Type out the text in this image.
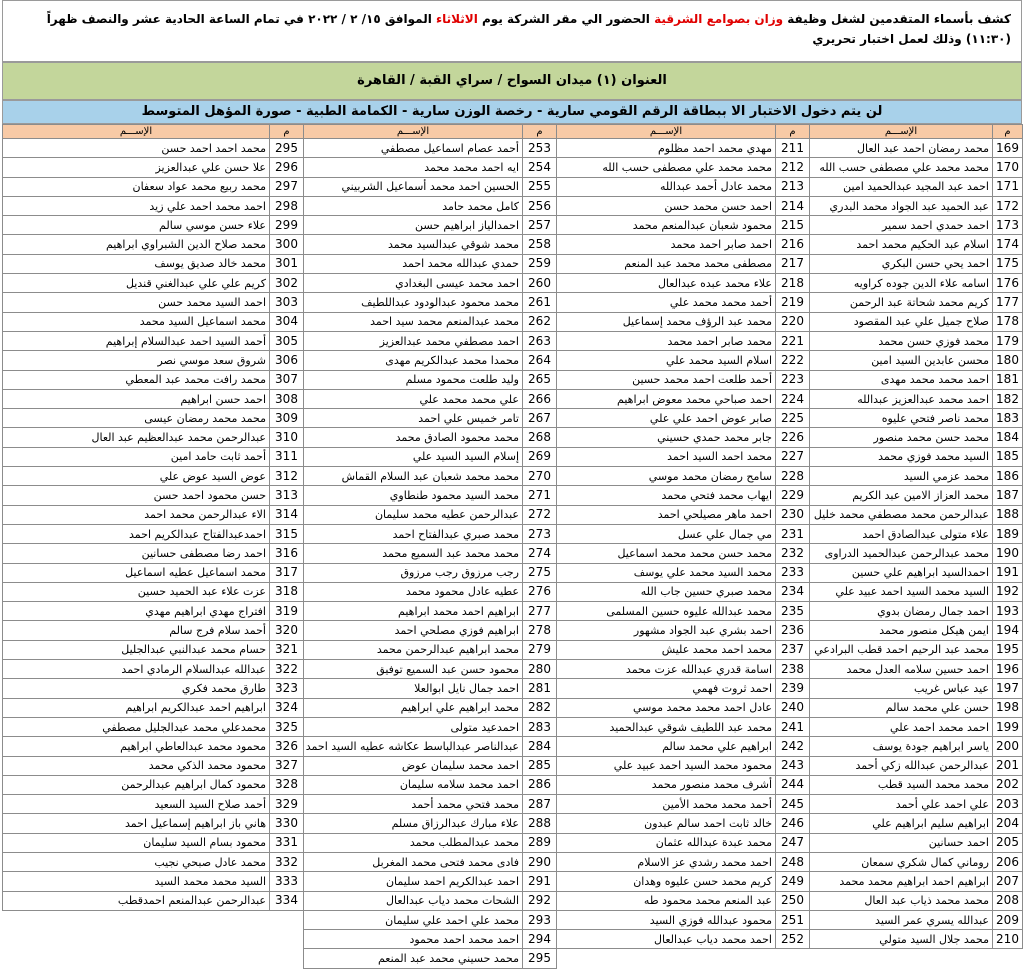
كشف بأسماء المتقدمين لشغل وظيفة وزان بصوامع الشرقية الحضور الي مقر الشركة يوم الاثلاثاء الموافق ١٥/ ٢ / ٢٠٢٢ في تمام الساعة الحادية عشر والنصف ظهراً (١١:٣٠) وذلك لعمل اختبار تحريري
العنوان (١) ميدان السواح / سراي القبة / القاهرة
لن يتم دخول الاختبار الا ببطاقة الرقم القومي سارية - رخصة الوزن سارية - الكمامة الطبية - صورة المؤهل المتوسط
م	الإســـم	م	الإســـم	م	الإســـم	م	الإســـم
169	محمد رمضان احمد عبد العال	211	مهدي محمد احمد مظلوم	253	أحمد عصام اسماعيل مصطفي	295	محمد احمد احمد حسن
170	محمد محمد علي مصطفى حسب الله	212	محمد محمد علي مصطفى حسب الله	254	ايه احمد محمد محمد	296	علا حسن علي عبدالعزيز
171	احمد عبد المجيد عبدالحميد امين	213	محمد عادل أحمد عبدالله	255	الحسين احمد محمد أسماعيل الشربيني	297	محمد ربيع محمد عواد سعفان
172	عبد الحميد عبد الجواد محمد البدري	214	احمد حسن محمد حسن	256	كامل محمد حامد	298	احمد محمد احمد علي زيد
173	احمد حمدي احمد سمير	215	محمود شعبان عبدالمنعم محمد	257	احمدالياز ابراهيم حسن	299	علاء حسن موسي سالم
174	اسلام عبد الحكيم محمد احمد	216	احمد صابر احمد محمد	258	محمد شوقي عبدالسيد محمد	300	محمد صلاح الدين الشبراوي ابراهيم
175	احمد يحي حسن البكري	217	مصطفى محمد محمد عبد المنعم	259	حمدي عبدالله محمد احمد	301	محمد خالد صديق يوسف
176	اسامه علاء الدين جوده كراويه	218	علاء محمد عبده عبدالعال	260	احمد محمد عيسى البغدادي	302	كريم علي علي عبدالغني قنديل
177	كريم محمد شحاتة عبد الرحمن	219	أحمد محمد محمد علي	261	محمد محمود عبدالودود عبداللطيف	303	احمد السيد محمد حسن
178	صلاح جميل علي عبد المقصود	220	محمد عبد الرؤف محمد إسماعيل	262	محمد عبدالمنعم محمد سيد احمد	304	محمد اسماعيل السيد محمد
179	محمد فوزي حسن محمد	221	محمد صابر احمد محمد	263	احمد مصطفي محمد عبدالعزيز	305	أحمد السيد احمد عبدالسلام إبراهيم
180	محسن عابدين السيد امين	222	اسلام السيد محمد علي	264	محمدا محمد عبدالكريم مهدى	306	شروق سعد موسي نصر
181	احمد محمد محمد مهدى	223	أحمد طلعت احمد محمد حسين	265	وليد طلعت محمود مسلم	307	محمد رافت محمد عبد المعطي
182	احمد محمد عبدالعزيز عبدالله	224	احمد صباحي محمد معوض ابراهيم	266	علي محمد محمد علي	308	احمد حسن ابراهيم
183	محمد ناصر فتحي عليوه	225	صابر عوض احمد علي علي	267	تامر خميس علي احمد	309	محمد محمد رمضان عيسى
184	محمد حسن محمد منصور	226	جابر محمد حمدي حسيني	268	محمد محمود الصادق محمد	310	عبدالرحمن محمد عبدالعظيم عبد العال
185	السيد محمد فوزي محمد	227	محمد احمد السيد احمد	269	إسلام السيد السيد علي	311	أحمد ثابت حامد امين
186	محمد عزمي السيد	228	سامح رمضان محمد موسي	270	محمد محمد شعبان عبد السلام القماش	312	عوض السيد عوض علي
187	محمد العزاز الامين عبد الكريم	229	ايهاب محمد فتحي محمد	271	محمد السيد محمود طنطاوي	313	حسن محمود احمد حسن
188	عبدالرحمن محمد مصطفي محمد خليل	230	احمد ماهر مصيلحي احمد	272	عبدالرحمن عطيه محمد سليمان	314	الاء عبدالرحمن محمد احمد
189	علاء متولى عبدالصادق احمد	231	مي جمال علي عسل	273	محمد صبري عبدالفتاح احمد	315	احمدعبدالفتاح عبدالكريم احمد
190	محمد عبدالرحمن عبدالحميد الدراوى	232	محمد حسن محمد محمد اسماعيل	274	محمد محمد عبد السميع محمد	316	احمد رضا مصطفى حسانين
191	احمدالسيد ابراهيم علي حسين	233	محمد السيد محمد علي يوسف	275	رجب مرزوق رجب مرزوق	317	محمد اسماعيل عطيه اسماعيل
192	السيد محمد السيد احمد عبيد علي	234	محمد صبري حسين جاب الله	276	عطيه عادل محمود محمد	318	عزت علاء عبد الحميد حسين
193	احمد جمال رمضان بدوي	235	محمد عبدالله عليوه حسين المسلمى	277	ابراهيم احمد محمد ابراهيم	319	افتراج مهدي ابراهيم مهدي
194	ايمن هيكل منصور محمد	236	احمد بشري عبد الجواد مشهور	278	ابراهيم فوزي مصلحي احمد	320	أحمد سلام فرج سالم
195	محمد عبد الرحيم احمد قطب البرادعي	237	محمد احمد محمد عليش	279	محمد ابراهيم عبدالرحمن محمد	321	حسام محمد عبدالنبي عبدالجليل
196	احمد حسين سلامه العدل محمد	238	اسامة قدري عبدالله عزت محمد	280	محمود حسن عبد السميع توفيق	322	عبدالله عبدالسلام الرمادي احمد
197	عيد عباس غريب	239	احمد ثروت فهمي	281	احمد جمال نايل ابوالعلا	323	طارق محمد فكري
198	حسن علي محمد سالم	240	عادل احمد محمد محمد موسي	282	محمد ابراهيم علي ابراهيم	324	ابراهيم احمد عبدالكريم ابراهيم
199	احمد محمد احمد علي	241	محمد عبد اللطيف شوقي عبدالحميد	283	احمدعيد متولى	325	محمدعلي محمد عبدالجليل مصطفي
200	ياسر ابراهيم جودة يوسف	242	ابراهيم علي محمد سالم	284	عبدالناصر عبدالباسط عكاشه عطيه السيد احمد	326	محمود محمد عبدالعاطي ابراهيم
201	عبدالرحمن عبدالله زكي أحمد	243	محمود محمد السيد احمد عبيد علي	285	احمد محمد سليمان عوض	327	محمود محمد الذكي محمد
202	محمد محمد السيد قطب	244	أشرف محمد منصور محمد	286	احمد محمد سلامه سليمان	328	محمود كمال ابراهيم عبدالرحمن
203	علي احمد علي أحمد	245	أحمد محمد محمد الأمين	287	محمد فتحي محمد أحمد	329	أحمد صلاح السيد السعيد
204	ابراهيم سليم ابراهيم علي	246	خالد ثابت احمد سالم عبدون	288	علاء مبارك عبدالرزاق مسلم	330	هاني باز ابراهيم إسماعيل احمد
205	احمد حسانين	247	محمد عبدة عبدالله عثمان	289	محمد عبدالمطلب محمد	331	محمود بسام السيد سليمان
206	روماني كمال شكري سمعان	248	احمد محمد رشدي عز الاسلام	290	فادى محمد فتحى محمد المغربل	332	محمد عادل صبحي نجيب
207	ابراهيم احمد ابراهيم محمد محمد	249	كريم محمد حسن عليوه وهدان	291	احمد عبدالكريم احمد سليمان	333	السيد محمد محمد السيد
208	محمد محمد ذياب عبد العال	250	عبد المنعم محمد محمود طه	292	الشحات محمد دياب عبدالعال	334	عبدالرحمن عبدالمنعم احمدقطب
209	عبدالله يسري عمر السيد	251	محمود عبدالله فوزي السيد	293	محمد علي احمد علي سليمان		
210	محمد جلال السيد متولي	252	احمد محمد دياب عبدالعال	294	احمد محمد احمد محمود		
				295	محمد حسيني محمد عبد المنعم		
